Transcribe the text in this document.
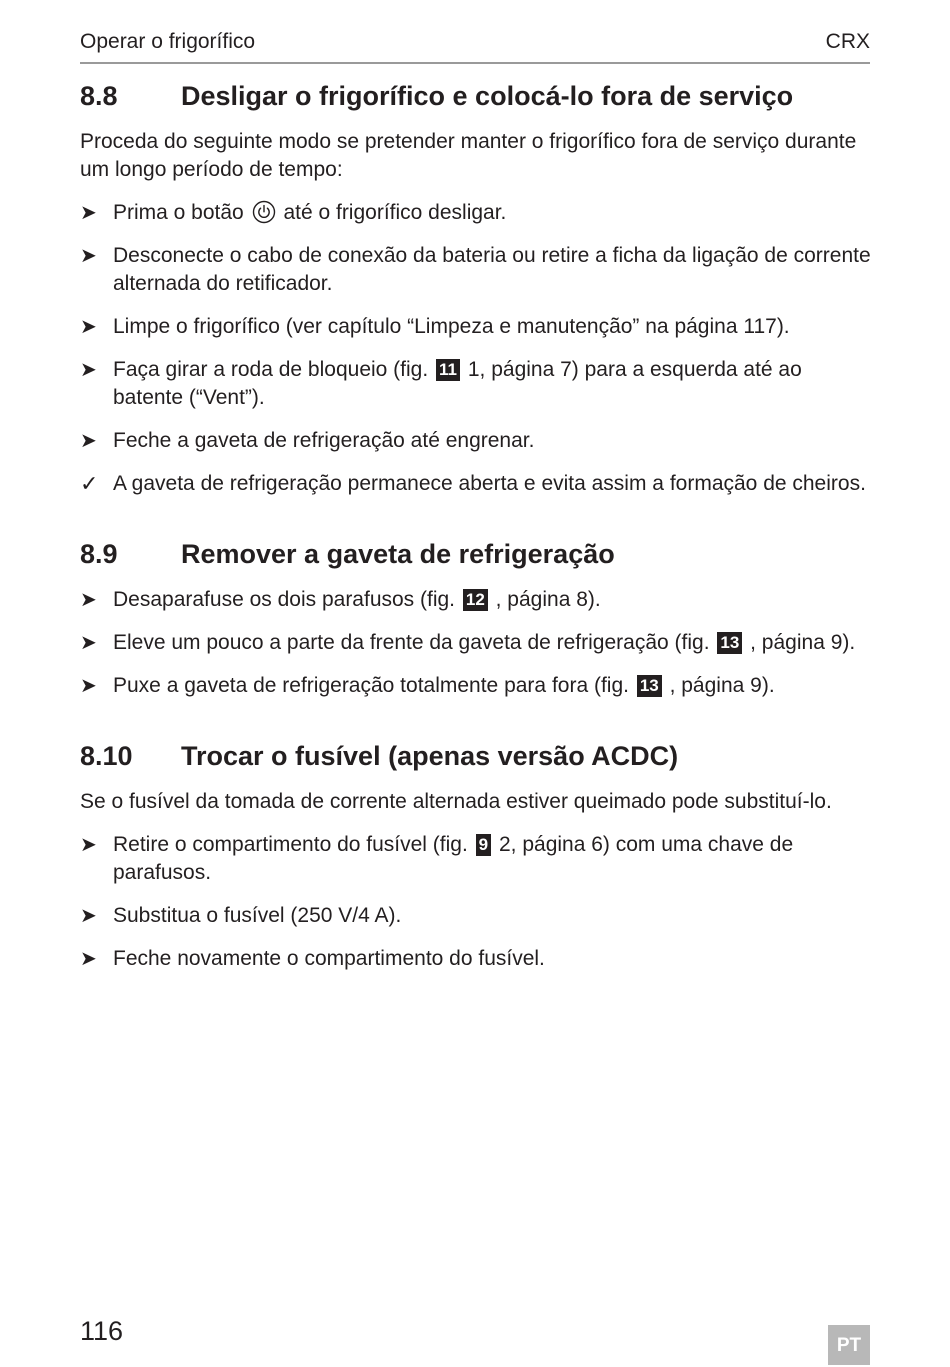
Operar o frigorífico	CRX
8.8 Desligar o frigorífico e colocá-lo fora de serviço

Proceda do seguinte modo se pretender manter o frigorífico fora de serviço durante um longo período de tempo:

➤ Prima o botão até o frigorífico desligar.

➤ Desconecte o cabo de conexão da bateria ou retire a ficha da ligação de corrente alternada do retificador.

➤ Limpe o frigorífico (ver capítulo “Limpeza e manutenção” na página 117).

➤ Faça girar a roda de bloqueio (fig. 11 1, página 7) para a esquerda até ao batente (“Vent”).

➤ Feche a gaveta de refrigeração até engrenar.

✓ A gaveta de refrigeração permanece aberta e evita assim a formação de cheiros.

8.9 Remover a gaveta de refrigeração

➤ Desaparafuse os dois parafusos (fig. 12 , página 8).

➤ Eleve um pouco a parte da frente da gaveta de refrigeração (fig. 13 , página 9).

➤ Puxe a gaveta de refrigeração totalmente para fora (fig. 13 , página 9).

8.10 Trocar o fusível (apenas versão ACDC)

Se o fusível da tomada de corrente alternada estiver queimado pode substituí-lo.

➤ Retire o compartimento do fusível (fig. 9 2, página 6) com uma chave de parafusos.

➤ Substitua o fusível (250 V/4 A).

➤ Feche novamente o compartimento do fusível.

116	PT
